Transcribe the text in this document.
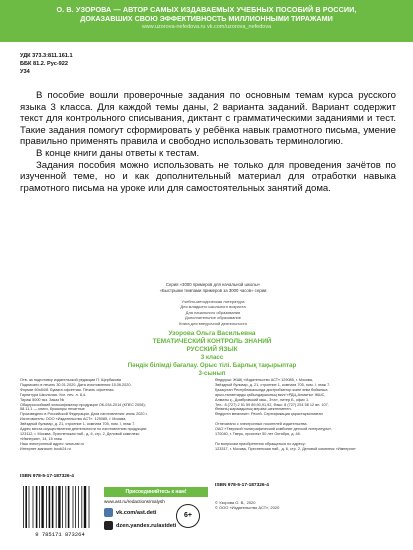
О. В. УЗОРОВА — АВТОР САМЫХ ИЗДАВАЕМЫХ УЧЕБНЫХ ПОСОБИЙ В РОССИИ,
ДОКАЗАВШИХ СВОЮ ЭФФЕКТИВНОСТЬ МИЛЛИОННЫМИ ТИРАЖАМИ
www.uzorova-nefedova.ru vk.com/uzorova_nefedova
УДК 373.3:811.161.1
ББК 81.2. Рус-922
У34

В пособие вошли проверочные задания по основным темам курса русского языка 3 класса. Для каждой темы даны, 2 варианта заданий. Вариант содержит текст для контрольного списывания, диктант с грамматическими заданиями и тест. Такие задания помогут сформировать у ребёнка навык грамотного письма, умение правильно применять правила и свободно использовать терминологию.

В конце книги даны ответы к тестам.

Задания пособия можно использовать не только для проведения зачётов по изученной теме, но и как дополнительный материал для отработки навыка грамотного письма на уроке или для самостоятельных занятий дома.

Серия «3000 примеров для начальной школы»
«Быстрыми темпами примеров за 3000 часов» серии
Учебно-методическая литература
Для младшего школьного возраста
Для начального образования
Дополнительное образование
Книга для внеурочной деятельности
Узорова Ольга Васильевна
ТЕМАТИЧЕСКИЙ КОНТРОЛЬ ЗНАНИЙ
РУССКИЙ ЯЗЫК
3 класс
Пәндік білімді бағалау. Орыс тілі. Барлық тақырыптар
3-сынып
Отв. за подготовку издательской редакции П. Щербакова
Подписано в печать 30.01.2020. Дата изготовления 15.06.2020.
Формат 60х84/8. Бумага офсетная. Печать офсетная.
Гарнитура Школьная. Усл. печ. л. 8,4.
Тираж 5000 экз. Заказ №
Общероссийский классификатор продукции ОК-034-2014 (КПЕС 2008);
58.11.1 — книги, брошюры печатные
Произведено в Российской Федерации. Дата изготовления: июнь 2020 г.
Изготовитель: ООО «Издательство АСТ». 129085, г. Москва,
Звёздный бульвар, д. 21, строение 1, комната 705, пом. I, этаж 7.
Адрес места осуществления деятельности по изготовлению продукции:
123112, г. Москва, Пресненская наб., д. 6, стр. 2, Деловой комплекс
«Империя», 14, 15 этаж
Наш электронный адрес: www.ast.ru
Интернет-магазин: book24.ru
Өндіруші: ЖШҚ «Издательство АСТ» 129085, г. Москва,
Звёздный бульвар, д. 21, строение 1, комната 705, пом. I, этаж 7.
Қазақстан Республикасында дистрибьютор және өнім бойынша
арыз-талаптарды қабылдаушының өкілі «РДЦ-Алматы» ЖШС,
Алматы қ., Домбровский көш., 3«а», литер Б, офис 1.
Тел.: 8 (727) 2 51 59 89,90,91,92, Факс: 8 (727) 251 58 12 вн. 107.
Өнімнің жарамдылық мерзімі шектелмеген.
Өндірген мемлекет: Ресей. Сертификация қарастырылмаған

Отпечатано с электронных носителей издательства.
ОАО «Тверской полиграфический комбинат детской литературы»,
170040, г. Тверь, проспект 50 лет Октября, д. 46.

По вопросам приобретения обращаться по адресу:
123317, г. Москва, Пресненская наб., д. 6, стр. 2, Деловой комплекс «Империя»
ISBN 978-5-17-187326-4
9 785171 873264
Присоединяйтесь к нам!
www.ast.ru/redactions/malysh
vk.com/ast.deti
dzen.yandex.ru/astdeti
6+
ISBN 978-5-17-187326-4
© Узорова О. В., 2020
© ООО «Издательство АСТ», 2020
